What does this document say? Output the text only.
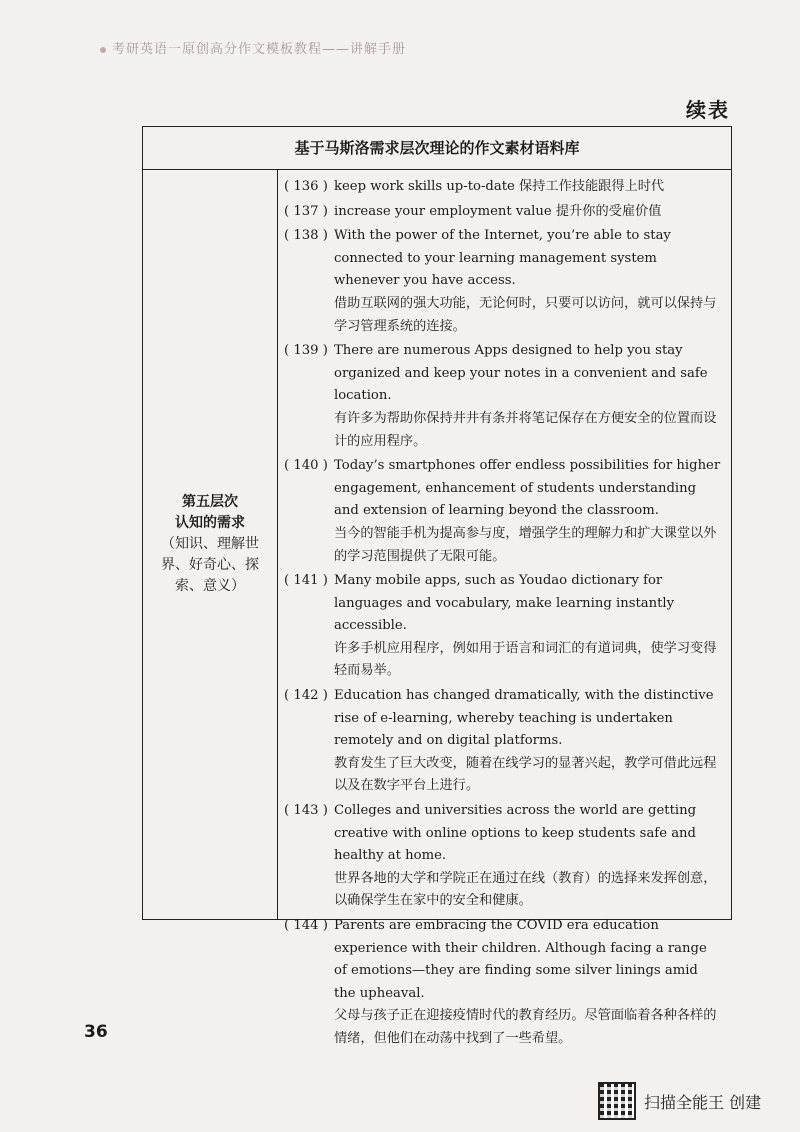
考研英语一原创高分作文模板教程——讲解手册
续表
基于马斯洛需求层次理论的作文素材语料库
第五层次
认知的需求
（知识、理解世界、好奇心、探索、意义）
( 136 ) keep work skills up-to-date 保持工作技能跟得上时代
( 137 ) increase your employment value 提升你的受雇价值
( 138 ) With the power of the Internet, you’re able to stay connected to your learning management system whenever you have access.
借助互联网的强大功能，无论何时，只要可以访问，就可以保持与学习管理系统的连接。
( 139 ) There are numerous Apps designed to help you stay organized and keep your notes in a convenient and safe location.
有许多为帮助你保持井井有条并将笔记保存在方便安全的位置而设计的应用程序。
( 140 ) Today’s smartphones offer endless possibilities for higher engagement, enhancement of students understanding and extension of learning beyond the classroom.
当今的智能手机为提高参与度，增强学生的理解力和扩大课堂以外的学习范围提供了无限可能。
( 141 ) Many mobile apps, such as Youdao dictionary for languages and vocabulary, make learning instantly accessible.
许多手机应用程序，例如用于语言和词汇的有道词典，使学习变得轻而易举。
( 142 ) Education has changed dramatically, with the distinctive rise of e-learning, whereby teaching is undertaken remotely and on digital platforms.
教育发生了巨大改变，随着在线学习的显著兴起，教学可借此远程以及在数字平台上进行。
( 143 ) Colleges and universities across the world are getting creative with online options to keep students safe and healthy at home.
世界各地的大学和学院正在通过在线（教育）的选择来发挥创意，以确保学生在家中的安全和健康。
( 144 ) Parents are embracing the COVID era education experience with their children. Although facing a range of emotions—they are finding some silver linings amid the upheaval.
父母与孩子正在迎接疫情时代的教育经历。尽管面临着各种各样的情绪，但他们在动荡中找到了一些希望。
36
扫描全能王 创建
